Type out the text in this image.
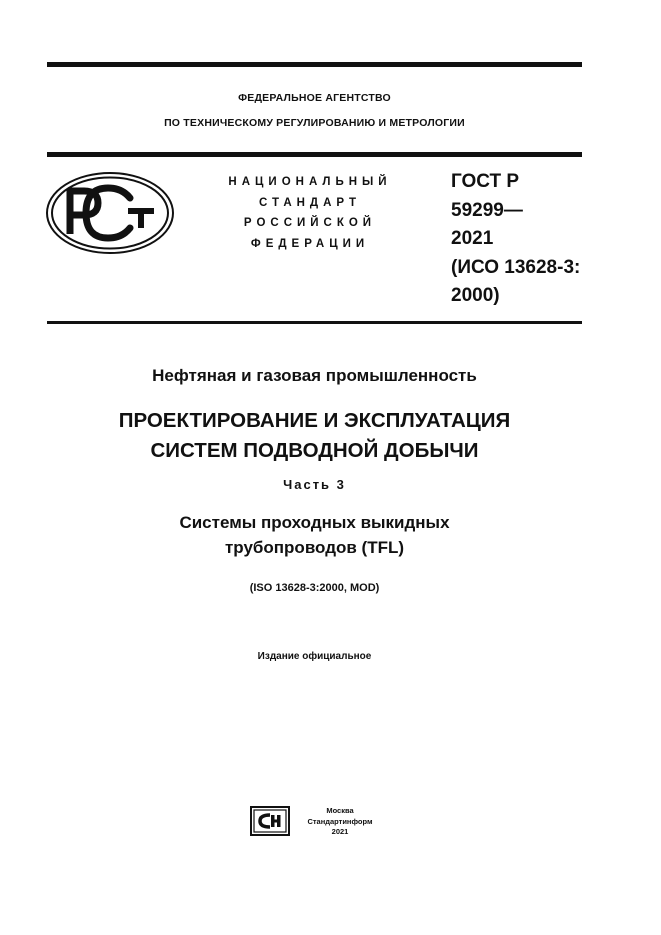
ФЕДЕРАЛЬНОЕ АГЕНТСТВО
ПО ТЕХНИЧЕСКОМУ РЕГУЛИРОВАНИЮ И МЕТРОЛОГИИ
НАЦИОНАЛЬНЫЙ
СТАНДАРТ
РОССИЙСКОЙ
ФЕДЕРАЦИИ
ГОСТ Р
59299—
2021
(ИСО 13628-3:
2000)
Нефтяная и газовая промышленность
ПРОЕКТИРОВАНИЕ И ЭКСПЛУАТАЦИЯ
СИСТЕМ ПОДВОДНОЙ ДОБЫЧИ
Часть 3
Системы проходных выкидных
трубопроводов (TFL)
(ISO 13628-3:2000, MOD)
Издание официальное
Москва
Стандартинформ
2021
